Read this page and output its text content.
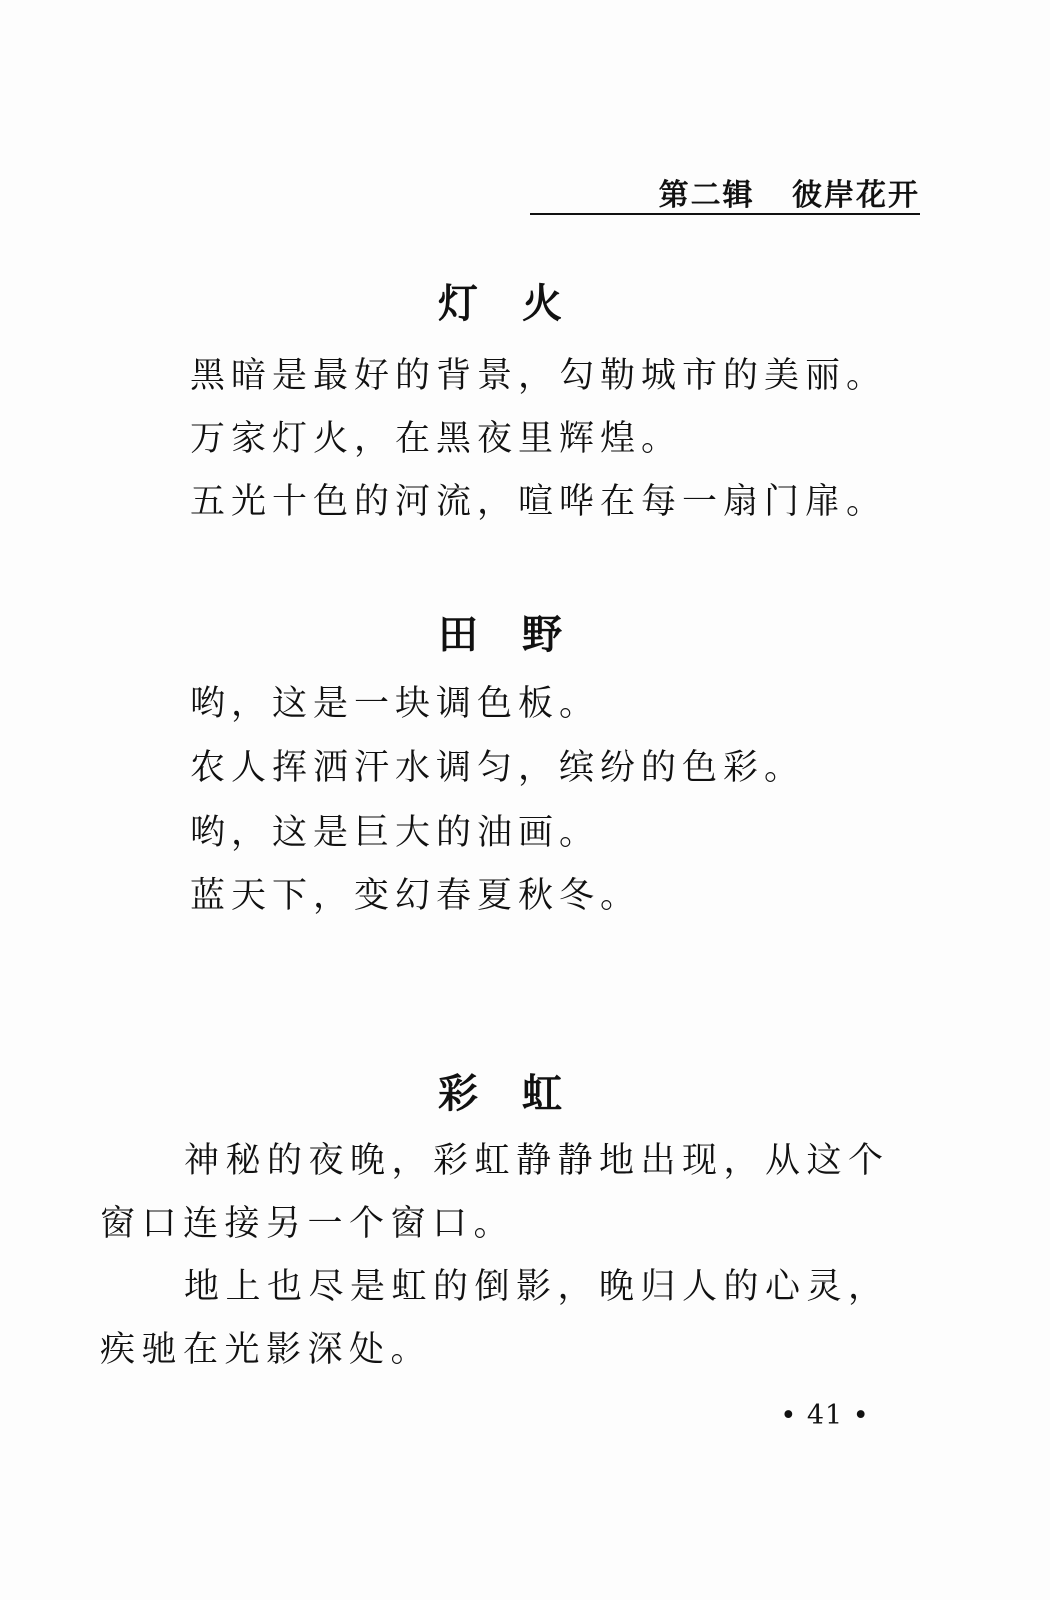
第二辑   彼岸花开
灯火
黑暗是最好的背景，勾勒城市的美丽。
万家灯火，在黑夜里辉煌。
五光十色的河流，喧哗在每一扇门扉。
田野
哟，这是一块调色板。
农人挥洒汗水调匀，缤纷的色彩。
哟，这是巨大的油画。
蓝天下，变幻春夏秋冬。
彩虹

神秘的夜晚，彩虹静静地出现，从这个窗口连接另一个窗口。

地上也尽是虹的倒影，晚归人的心灵，疾驰在光影深处。

• 41 •
